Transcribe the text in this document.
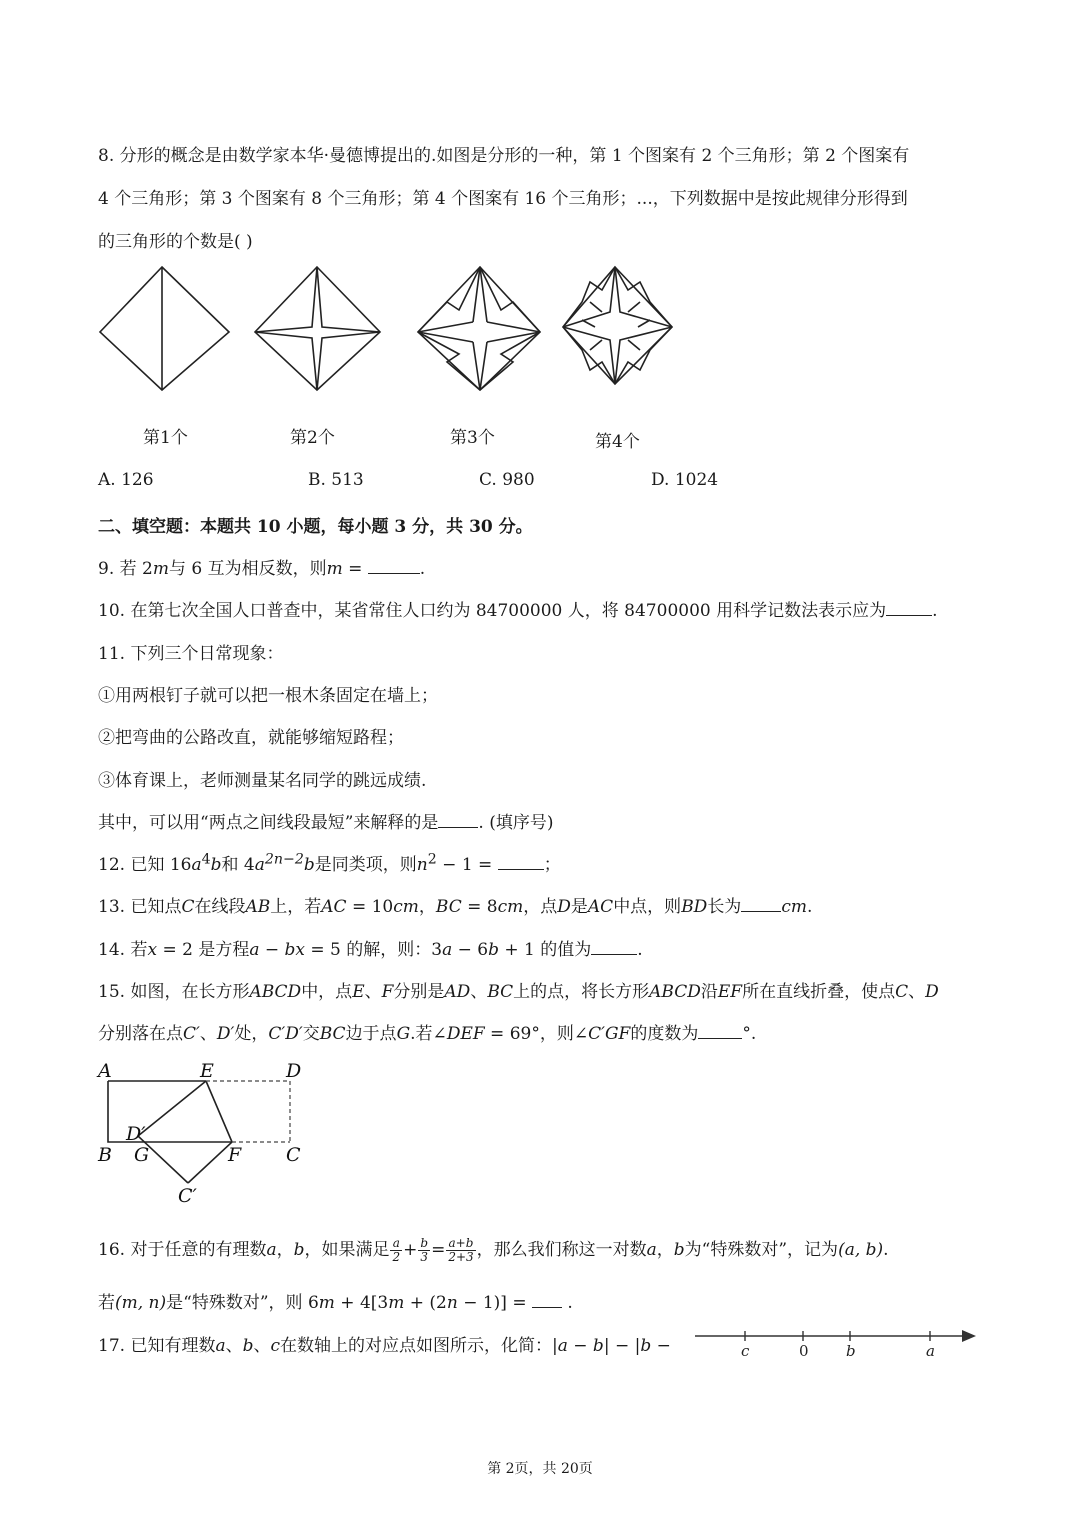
8. 分形的概念是由数学家本华·曼德博提出的.如图是分形的一种，第 1 个图案有 2 个三角形；第 2 个图案有
4 个三角形；第 3 个图案有 8 个三角形；第 4 个图案有 16 个三角形；...，下列数据中是按此规律分形得到
的三角形的个数是( )
第1个	第2个	第3个	第4个
A. 126	B. 513	C. 980	D. 1024
二、填空题：本题共 10 小题，每小题 3 分，共 30 分。
9. 若 2m与 6 互为相反数，则m =	.
10. 在第七次全国人口普查中，某省常住人口约为 84700000 人，将 84700000 用科学记数法表示应为	.
11. 下列三个日常现象：
①用两根钉子就可以把一根木条固定在墙上；
②把弯曲的公路改直，就能够缩短路程；
③体育课上，老师测量某名同学的跳远成绩.
其中，可以用“两点之间线段最短”来解释的是 . (填序号)
12. 已知 $16a^4b$和 $4a^{2n-2}b$是同类项，则$n^2 - 1$ =	；
13. 已知点C在线段AB上，若AC = 10cm，BC = 8cm，点D是AC中点，则BD长为 cm.
14. 若x = 2 是方程a − bx = 5 的解，则：3a − 6b + 1 的值为	.
15. 如图，在长方形ABCD中，点E、F分别是AD、BC上的点，将长方形ABCD沿EF所在直线折叠，使点C、D
分别落在点C′、D′处，C′D′交BC边于点G.若∠DEF = 69°，则∠C′GF的度数为	°.
A	E	D
D′
B G	F C
C′
16. 对于任意的有理数a，b，如果满足 $\frac{a}{2} + \frac{b}{3} = \frac{a+b}{2+3}$ ，那么我们称这一对数a，b为“特殊数对”，记为(a, b).
若(m, n)是“特殊数对”，则 6m + 4[3m + (2n − 1)] =  .
17. 已知有理数a、b、c在数轴上的对应点如图所示，化简：|a − b| − |b −	c	0 b	a
第 2页，共 20页
